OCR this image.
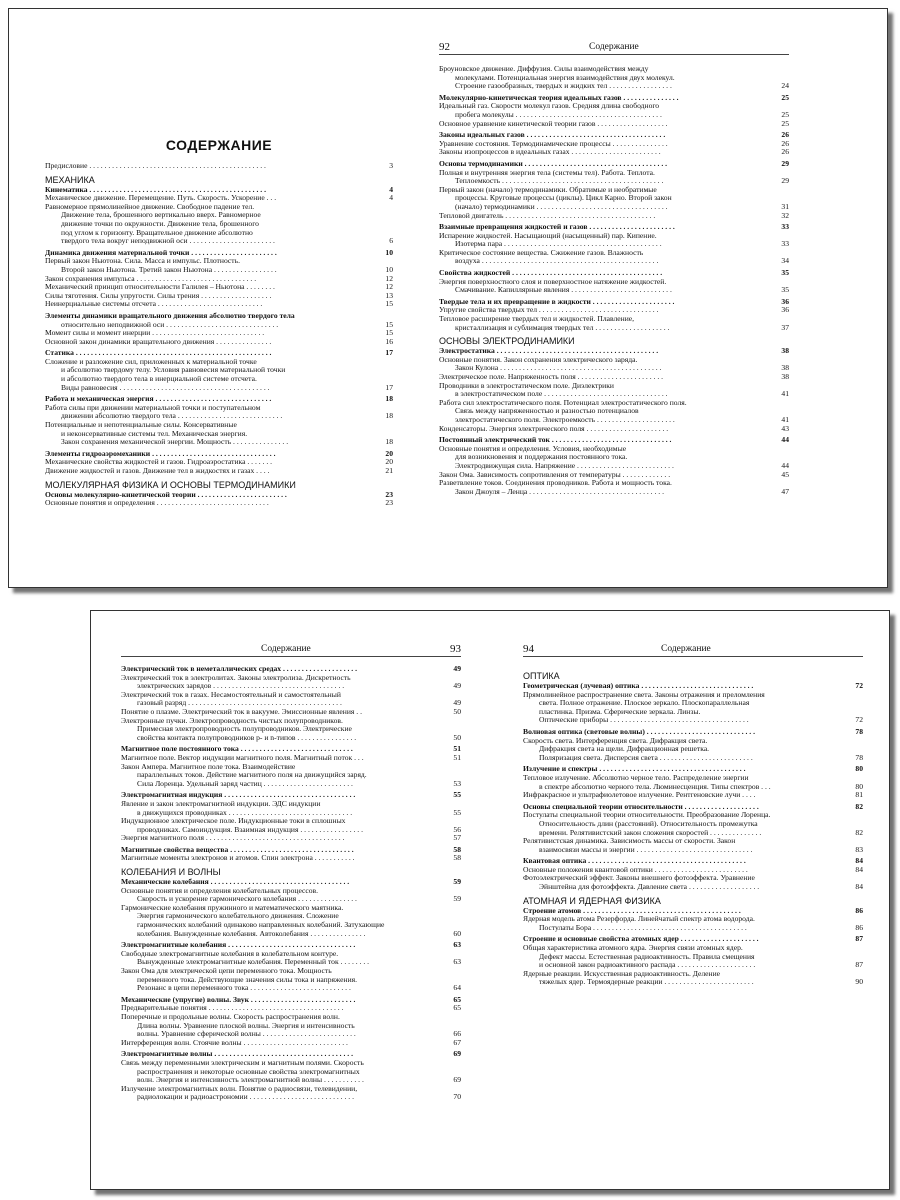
СОДЕРЖАНИЕ
Предисловие . . . . . . . . . . . . . . . . . . . . . . . . . . . . . . . . . . . . . . . . . . . . . . .	3
МЕХАНИКА
Кинематика . . . . . . . . . . . . . . . . . . . . . . . . . . . . . . . . . . . . . . . . . . . . . . .	4
Механическое движение. Перемещение. Путь. Скорость. Ускорение . . .	4
Равномерное прямолинейное движение. Свободное падение тел.
Движение тела, брошенного вертикально вверх. Равномерное
движение точки по окружности. Движение тела, брошенного
под углом к горизонту. Вращательное движение абсолютно
твердого тела вокруг неподвижной оси . . . . . . . . . . . . . . . . . . . . . . .	6
Динамика движения материальной точки . . . . . . . . . . . . . . . . . . . . . . .	10
Первый закон Ньютона. Сила. Масса и импульс. Плотность.
Второй закон Ньютона. Третий закон Ньютона . . . . . . . . . . . . . . . . .	10
Закон сохранения импульса . . . . . . . . . . . . . . . . . . . . . . . . . . . . . . . .	12
Механический принцип относительности Галилея – Ньютона . . . . . . . .	12
Силы тяготения. Силы упругости. Силы трения . . . . . . . . . . . . . . . . . . .	13
Неинерциальные системы отсчета . . . . . . . . . . . . . . . . . . . . . . . . . . . .	15
Элементы динамики вращательного движения абсолютно твердого тела
относительно неподвижной оси . . . . . . . . . . . . . . . . . . . . . . . . . . . . . .	15
Момент силы и момент инерции . . . . . . . . . . . . . . . . . . . . . . . . . . . . . .	15
Основной закон динамики вращательного движения . . . . . . . . . . . . . . .	16
Статика . . . . . . . . . . . . . . . . . . . . . . . . . . . . . . . . . . . . . . . . . . . . . . . . . . . .	17
Сложение и разложение сил, приложенных к материальной точке
и абсолютно твердому телу. Условия равновесия материальной точки
и абсолютно твердого тела в инерциальной системе отсчета.
Виды равновесия . . . . . . . . . . . . . . . . . . . . . . . . . . . . . . . . . . . . . . . .	17
Работа и механическая энергия . . . . . . . . . . . . . . . . . . . . . . . . . . . . . . .	18
Работа силы при движении материальной точки и поступательном
движении абсолютно твердого тела . . . . . . . . . . . . . . . . . . . . . . . . . . . .	18
Потенциальные и непотенциальные силы. Консервативные
и неконсервативные системы тел. Механическая энергия.
Закон сохранения механической энергии. Мощность . . . . . . . . . . . . . . .	18
Элементы гидроаэромеханики . . . . . . . . . . . . . . . . . . . . . . . . . . . . . . . . .	20
Механические свойства жидкостей и газов. Гидроаэростатика . . . . . . .	20
Движение жидкостей и газов. Движение тел в жидкостях и газах . . . .	21
МОЛЕКУЛЯРНАЯ ФИЗИКА И ОСНОВЫ ТЕРМОДИНАМИКИ
Основы молекулярно-кинетической теории . . . . . . . . . . . . . . . . . . . . . . . .	23
Основные понятия и определения . . . . . . . . . . . . . . . . . . . . . . . . . . . . . .	23
92	Содержание
Броуновское движение. Диффузия. Силы взаимодействия между
молекулами. Потенциальная энергия взаимодействия двух молекул.
Строение газообразных, твердых и жидких тел . . . . . . . . . . . . . . . . .	24
Молекулярно-кинетическая теория идеальных газов . . . . . . . . . . . . . . .	25
Идеальный газ. Скорости молекул газов. Средняя длина свободного
пробега молекулы . . . . . . . . . . . . . . . . . . . . . . . . . . . . . . . . . . . . . . .	25
Основное уравнение кинетической теории газов . . . . . . . . . . . . . . . . . . .	25
Законы идеальных газов . . . . . . . . . . . . . . . . . . . . . . . . . . . . . . . . . . . . .	26
Уравнение состояния. Термодинамические процессы . . . . . . . . . . . . . . .	26
Законы изопроцессов в идеальных газах . . . . . . . . . . . . . . . . . . . . . . . .	26
Основы термодинамики . . . . . . . . . . . . . . . . . . . . . . . . . . . . . . . . . . . . . .	29
Полная и внутренняя энергия тела (системы тел). Работа. Теплота.
Теплоемкость . . . . . . . . . . . . . . . . . . . . . . . . . . . . . . . . . . . . . . . . . . .	29
Первый закон (начало) термодинамики. Обратимые и необратимые
процессы. Круговые процессы (циклы). Цикл Карно. Второй закон
(начало) термодинамики . . . . . . . . . . . . . . . . . . . . . . . . . . . . . . . . . . .	31
Тепловой двигатель . . . . . . . . . . . . . . . . . . . . . . . . . . . . . . . . . . . . . . . .	32
Взаимные превращения жидкостей и газов . . . . . . . . . . . . . . . . . . . . . . .	33
Испарение жидкостей. Насыщающий (насыщенный) пар. Кипение.
Изотерма пара . . . . . . . . . . . . . . . . . . . . . . . . . . . . . . . . . . . . . . . . . .	33
Критическое состояние вещества. Сжижение газов. Влажность
воздуха . . . . . . . . . . . . . . . . . . . . . . . . . . . . . . . . . . . . . . . . . . . . . . .	34
Свойства жидкостей . . . . . . . . . . . . . . . . . . . . . . . . . . . . . . . . . . . . . . . .	35
Энергия поверхностного слоя и поверхностное натяжение жидкостей.
Смачивание. Капиллярные явления . . . . . . . . . . . . . . . . . . . . . . . . . . .	35
Твердые тела и их превращение в жидкости . . . . . . . . . . . . . . . . . . . . . .	36
Упругие свойства твердых тел . . . . . . . . . . . . . . . . . . . . . . . . . . . . . . . .	36
Тепловое расширение твердых тел и жидкостей. Плавление,
кристаллизация и сублимация твердых тел . . . . . . . . . . . . . . . . . . . .	37
ОСНОВЫ ЭЛЕКТРОДИНАМИКИ
Электростатика . . . . . . . . . . . . . . . . . . . . . . . . . . . . . . . . . . . . . . . . . . .	38
Основные понятия. Закон сохранения электрического заряда.
Закон Кулона . . . . . . . . . . . . . . . . . . . . . . . . . . . . . . . . . . . . . . . . . . .	38
Электрическое поле. Напряженность поля . . . . . . . . . . . . . . . . . . . . . . .	38
Проводники в электростатическом поле. Диэлектрики
в электростатическом поле . . . . . . . . . . . . . . . . . . . . . . . . . . . . . . . . .	41
Работа сил электростатического поля. Потенциал электростатического поля.
Связь между напряженностью и разностью потенциалов
электростатического поля. Электроемкость . . . . . . . . . . . . . . . . . . . . .	41
Конденсаторы. Энергия электрического поля . . . . . . . . . . . . . . . . . . . . . .	43
Постоянный электрический ток . . . . . . . . . . . . . . . . . . . . . . . . . . . . . . . .	44
Основные понятия и определения. Условия, необходимые
для возникновения и поддержания постоянного тока.
Электродвижущая сила. Напряжение . . . . . . . . . . . . . . . . . . . . . . . . . .	44
Закон Ома. Зависимость сопротивления от температуры . . . . . . . . . . . . .	45
Разветвление токов. Соединения проводников. Работа и мощность тока.
Закон Джоуля – Ленца . . . . . . . . . . . . . . . . . . . . . . . . . . . . . . . . . . . .	47
Содержание	93
Электрический ток в неметаллических средах . . . . . . . . . . . . . . . . . . . .	49
Электрический ток в электролитах. Законы электролиза. Дискретность
электрических зарядов . . . . . . . . . . . . . . . . . . . . . . . . . . . . . . . . . . .	49
Электрический ток в газах. Несамостоятельный и самостоятельный
газовый разряд . . . . . . . . . . . . . . . . . . . . . . . . . . . . . . . . . . . . . . . . .	49
Понятие о плазме. Электрический ток в вакууме. Эмиссионные явления . .	50
Электронные пучки. Электропроводность чистых полупроводников.
Примесная электропроводность полупроводников. Электрические
свойства контакта полупроводников p- и n-типов . . . . . . . . . . . . . . . .	50
Магнитное поле постоянного тока . . . . . . . . . . . . . . . . . . . . . . . . . . . . . .	51
Магнитное поле. Вектор индукции магнитного поля. Магнитный поток . . .	51
Закон Ампера. Магнитное поле тока. Взаимодействие
параллельных токов. Действие магнитного поля на движущийся заряд.
Сила Лоренца. Удельный заряд частиц . . . . . . . . . . . . . . . . . . . . . . . .	53
Электромагнитная индукция . . . . . . . . . . . . . . . . . . . . . . . . . . . . . . . . . . .	55
Явление и закон электромагнитной индукции. ЭДС индукции
в движущихся проводниках . . . . . . . . . . . . . . . . . . . . . . . . . . . . . . . . .	55
Индукционное электрическое поле. Индукционные токи в сплошных
проводниках. Самоиндукция. Взаимная индукция . . . . . . . . . . . . . . . . .	56
Энергия магнитного поля . . . . . . . . . . . . . . . . . . . . . . . . . . . . . . . . . . . . .	57
Магнитные свойства вещества . . . . . . . . . . . . . . . . . . . . . . . . . . . . . . . . .	58
Магнитные моменты электронов и атомов. Спин электрона . . . . . . . . . . .	58
КОЛЕБАНИЯ И ВОЛНЫ
Механические колебания . . . . . . . . . . . . . . . . . . . . . . . . . . . . . . . . . . . . .	59
Основные понятия и определения колебательных процессов.
Скорость и ускорение гармонического колебания . . . . . . . . . . . . . . . .	59
Гармонические колебания пружинного и математического маятника.
Энергия гармонического колебательного движения. Сложение
гармонических колебаний одинаково направленных колебаний. Затухающие
колебания. Вынужденные колебания. Автоколебания . . . . . . . . . . . . . . .	60
Электромагнитные колебания . . . . . . . . . . . . . . . . . . . . . . . . . . . . . . . . . .	63
Свободные электромагнитные колебания в колебательном контуре.
Вынужденные электромагнитные колебания. Переменный ток . . . . . . . .	63
Закон Ома для электрической цепи переменного тока. Мощность
переменного тока. Действующие значения силы тока и напряжения.
Резонанс в цепи переменного тока . . . . . . . . . . . . . . . . . . . . . . . . . . .	64
Механические (упругие) волны. Звук . . . . . . . . . . . . . . . . . . . . . . . . . . . .	65
Предварительные понятия . . . . . . . . . . . . . . . . . . . . . . . . . . . . . . . . . . . .	65
Поперечные и продольные волны. Скорость распространения волн.
Длина волны. Уравнение плоской волны. Энергия и интенсивность
волны. Уравнение сферической волны . . . . . . . . . . . . . . . . . . . . . . . . .	66
Интерференция волн. Стоячие волны . . . . . . . . . . . . . . . . . . . . . . . . . . . .	67
Электромагнитные волны . . . . . . . . . . . . . . . . . . . . . . . . . . . . . . . . . . . . .	69
Связь между переменными электрическим и магнитным полями. Скорость
распространения и некоторые основные свойства электромагнитных
волн. Энергия и интенсивность электромагнитной волны . . . . . . . . . . .	69
Излучение электромагнитных волн. Понятие о радиосвязи, телевидении,
радиолокации и радиоастрономии . . . . . . . . . . . . . . . . . . . . . . . . . . . .	70
94	Содержание
ОПТИКА
Геометрическая (лучевая) оптика . . . . . . . . . . . . . . . . . . . . . . . . . . . . . .	72
Прямолинейное распространение света. Законы отражения и преломления
света. Полное отражение. Плоское зеркало. Плоскопараллельная
пластинка. Призма. Сферические зеркала. Линзы.
Оптические приборы . . . . . . . . . . . . . . . . . . . . . . . . . . . . . . . . . . . . .	72
Волновая оптика (световые волны) . . . . . . . . . . . . . . . . . . . . . . . . . . . . .	78
Скорость света. Интерференция света. Дифракция света.
Дифракция света на щели. Дифракционная решетка.
Поляризация света. Дисперсия света . . . . . . . . . . . . . . . . . . . . . . . . .	78
Излучение и спектры . . . . . . . . . . . . . . . . . . . . . . . . . . . . . . . . . . . . . . .	80
Тепловое излучение. Абсолютно черное тело. Распределение энергии
в спектре абсолютно черного тела. Люминесценция. Типы спектров . . .	80
Инфракрасное и ультрафиолетовое излучение. Рентгеновские лучи . . . .	81
Основы специальной теории относительности . . . . . . . . . . . . . . . . . . . .	82
Постулаты специальной теории относительности. Преобразование Лоренца.
Относительность длин (расстояний). Относительность промежутка
времени. Релятивистский закон сложения скоростей . . . . . . . . . . . . . .	82
Релятивистская динамика. Зависимость массы от скорости. Закон
взаимосвязи массы и энергии . . . . . . . . . . . . . . . . . . . . . . . . . . . . . . .	83
Квантовая оптика . . . . . . . . . . . . . . . . . . . . . . . . . . . . . . . . . . . . . . . . . .	84
Основные положения квантовой оптики . . . . . . . . . . . . . . . . . . . . . . . . .	84
Фотоэлектрический эффект. Законы внешнего фотоэффекта. Уравнение
Эйнштейна для фотоэффекта. Давление света . . . . . . . . . . . . . . . . . . .	84
АТОМНАЯ И ЯДЕРНАЯ ФИЗИКА
Строение атомов . . . . . . . . . . . . . . . . . . . . . . . . . . . . . . . . . . . . . . . . . .	86
Ядерная модель атома Резерфорда. Линейчатый спектр атома водорода.
Постулаты Бора . . . . . . . . . . . . . . . . . . . . . . . . . . . . . . . . . . . . . . . . .	86
Строение и основные свойства атомных ядер . . . . . . . . . . . . . . . . . . . . .	87
Общая характеристика атомного ядра. Энергия связи атомных ядер.
Дефект массы. Естественная радиоактивность. Правила смещения
и основной закон радиоактивного распада . . . . . . . . . . . . . . . . . . . . .	87
Ядерные реакции. Искусственная радиоактивность. Деление
тяжелых ядер. Термоядерные реакции . . . . . . . . . . . . . . . . . . . . . . . .	90
